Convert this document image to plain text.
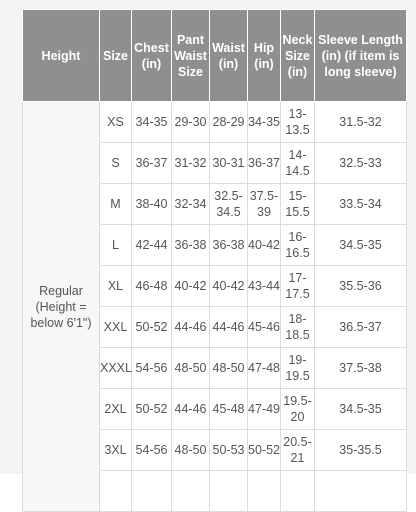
Height	Size	Chest (in)	Pant Waist Size	Waist (in)	Hip (in)	Neck Size (in)	Sleeve Length (in) (if item is long sleeve)
Regular (Height = below 6'1")	XS	34-35	29-30	28-29	34-35	13-13.5	31.5-32
	S	36-37	31-32	30-31	36-37	14-14.5	32.5-33
	M	38-40	32-34	32.5-34.5	37.5-39	15-15.5	33.5-34
	L	42-44	36-38	36-38	40-42	16-16.5	34.5-35
	XL	46-48	40-42	40-42	43-44	17-17.5	35.5-36
	XXL	50-52	44-46	44-46	45-46	18-18.5	36.5-37
	XXXL	54-56	48-50	48-50	47-48	19-19.5	37.5-38
	2XL	50-52	44-46	45-48	47-49	19.5-20	34.5-35
	3XL	54-56	48-50	50-53	50-52	20.5-21	35-35.5
